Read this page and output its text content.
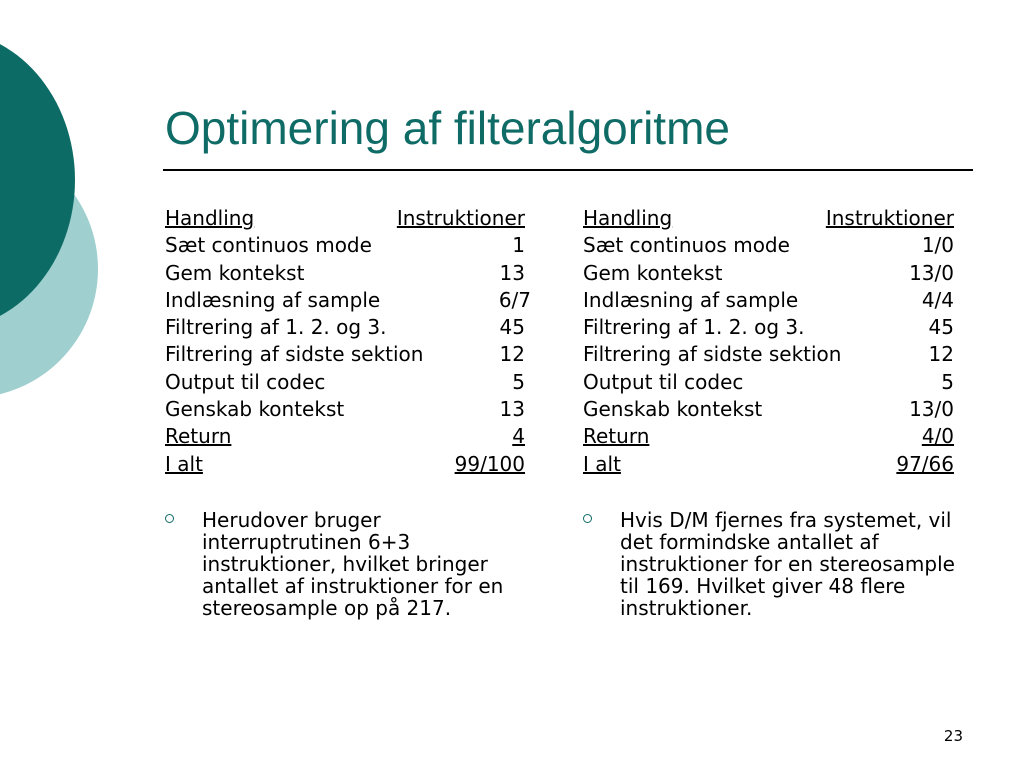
Optimering af filteralgoritme
Handling	Instruktioner
Sæt continuos mode	1
Gem kontekst	13
Indlæsning af sample	6/7
Filtrering af 1. 2. og 3.	45
Filtrering af sidste sektion	12
Output til codec	5
Genskab kontekst	13
Return	4
I alt	99/100
Handling	Instruktioner
Sæt continuos mode	1/0
Gem kontekst	13/0
Indlæsning af sample	4/4
Filtrering af 1. 2. og 3.	45
Filtrering af sidste sektion	12
Output til codec	5
Genskab kontekst	13/0
Return	4/0
I alt	97/66
Herudover bruger interruptrutinen 6+3 instruktioner, hvilket bringer antallet af instruktioner for en stereosample op på 217.
Hvis D/M fjernes fra systemet, vil det formindske antallet af instruktioner for en stereosample til 169. Hvilket giver 48 flere instruktioner.
23
